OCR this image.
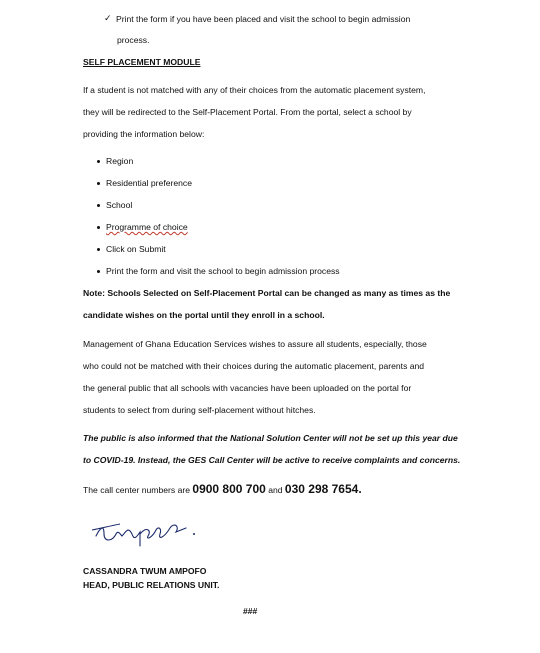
✓ Print the form if you have been placed and visit the school to begin admission
process.
SELF PLACEMENT MODULE
If a student is not matched with any of their choices from the automatic placement system,
they will be redirected to the Self-Placement Portal. From the portal, select a school by
providing the information below:
Region
Residential preference
School
Programme of choice
Click on Submit
Print the form and visit the school to begin admission process
Note: Schools Selected on Self-Placement Portal can be changed as many as times as the
candidate wishes on the portal until they enroll in a school.
Management of Ghana Education Services wishes to assure all students, especially, those
who could not be matched with their choices during the automatic placement, parents and
the general public that all schools with vacancies have been uploaded on the portal for
students to select from during self-placement without hitches.
The public is also informed that the National Solution Center will not be set up this year due
to COVID-19. Instead, the GES Call Center will be active to receive complaints and concerns.
The call center numbers are 0900 800 700 and 030 298 7654.
CASSANDRA TWUM AMPOFO
HEAD, PUBLIC RELATIONS UNIT.
###
